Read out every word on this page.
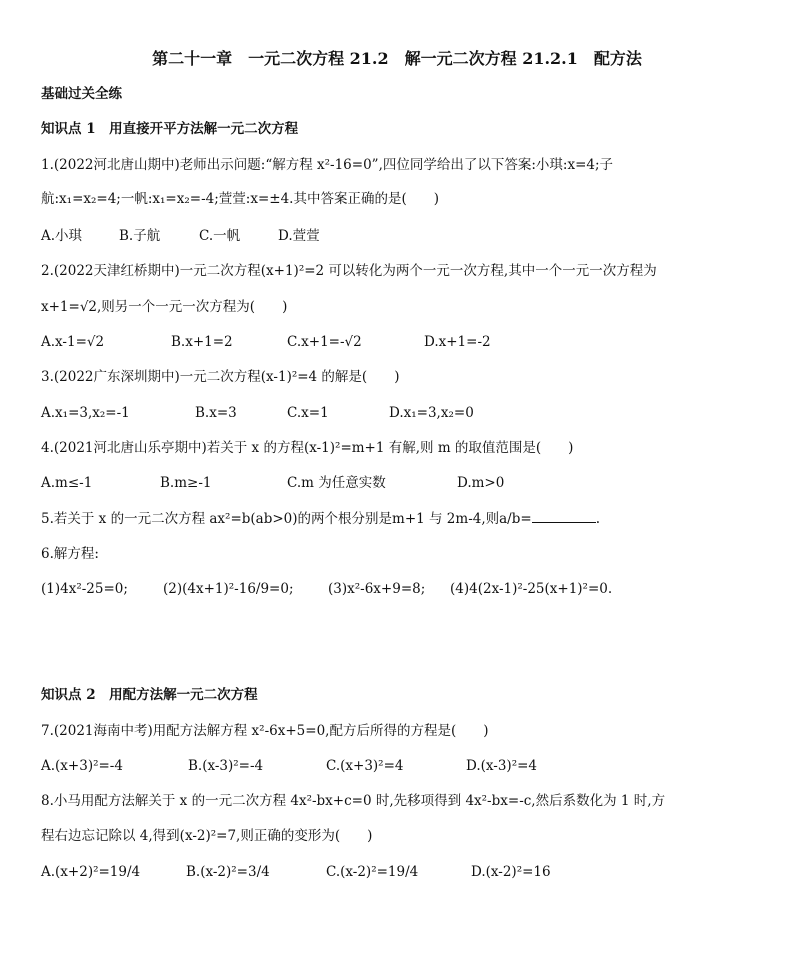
第二十一章　一元二次方程 21.2　解一元二次方程 21.2.1　配方法
基础过关全练
知识点 1　用直接开平方法解一元二次方程
1.(2022河北唐山期中)老师出示问题:“解方程 x²-16=0”,四位同学给出了以下答案:小琪:x=4;子
航:x₁=x₂=4;一帆:x₁=x₂=-4;萱萱:x=±4.其中答案正确的是(　　)
A.小琪	B.子航	C.一帆	D.萱萱
2.(2022天津红桥期中)一元二次方程(x+1)²=2 可以转化为两个一元一次方程,其中一个一元一次方程为
x+1=√2,则另一个一元一次方程为(　　)
A.x-1=√2	B.x+1=2	C.x+1=-√2	D.x+1=-2
3.(2022广东深圳期中)一元二次方程(x-1)²=4 的解是(　　)
A.x₁=3,x₂=-1	B.x=3	C.x=1	D.x₁=3,x₂=0
4.(2021河北唐山乐亭期中)若关于 x 的方程(x-1)²=m+1 有解,则 m 的取值范围是(　　)
A.m≤-1	B.m≥-1	C.m 为任意实数	D.m>0
5.若关于 x 的一元二次方程 ax²=b(ab>0)的两个根分别是m+1 与 2m-4,则a/b=	.
6.解方程:
(1)4x²-25=0;	(2)(4x+1)²-16/9=0;	(3)x²-6x+9=8; (4)4(2x-1)²-25(x+1)²=0.
知识点 2　用配方法解一元二次方程
7.(2021海南中考)用配方法解方程 x²-6x+5=0,配方后所得的方程是(　　)
A.(x+3)²=-4	B.(x-3)²=-4	C.(x+3)²=4	D.(x-3)²=4
8.小马用配方法解关于 x 的一元二次方程 4x²-bx+c=0 时,先移项得到 4x²-bx=-c,然后系数化为 1 时,方
程右边忘记除以 4,得到(x-2)²=7,则正确的变形为(　　)
A.(x+2)²=19/4	B.(x-2)²=3/4	C.(x-2)²=19/4	D.(x-2)²=16
